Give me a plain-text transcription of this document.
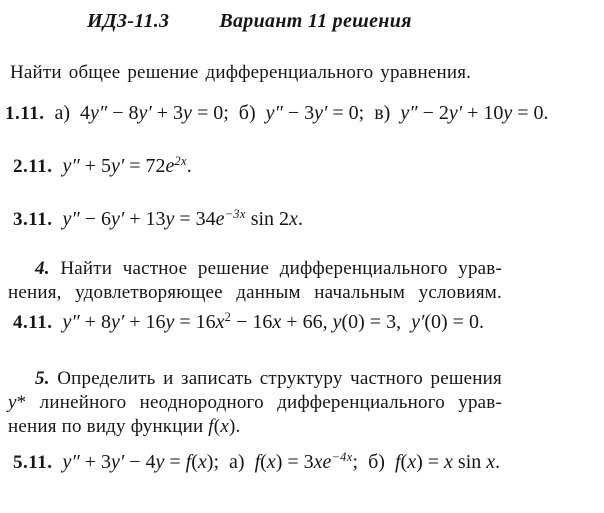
ИДЗ-11.3	Вариант 11 решения
Найти общее решение дифференциального уравнения.
1.11. а)  4y″ − 8y′ + 3y = 0;  б)  y″ − 3y′ = 0;  в)  y″ − 2y′ + 10y = 0.
2.11. $y'' + 5y' = 72e^{2x}$.
3.11. $y'' - 6y' + 13y = 34e^{-3x}$ sin 2x.
4. Найти частное решение дифференциального урав-
нения, удовлетворяющее данным начальным условиям.
4.11. $y'' + 8y' + 16y = 16x^2 - 16x + 66$, y(0) = 3,  y′(0) = 0.
5. Определить и записать структуру частного решения
y* линейного неоднородного дифференциального урав-
нения по виду функции f(x).
5.11. y″ + 3y′ − 4y = f(x);  а)  $f(x) = 3xe^{-4x}$;  б)  f(x) = x sin x.
